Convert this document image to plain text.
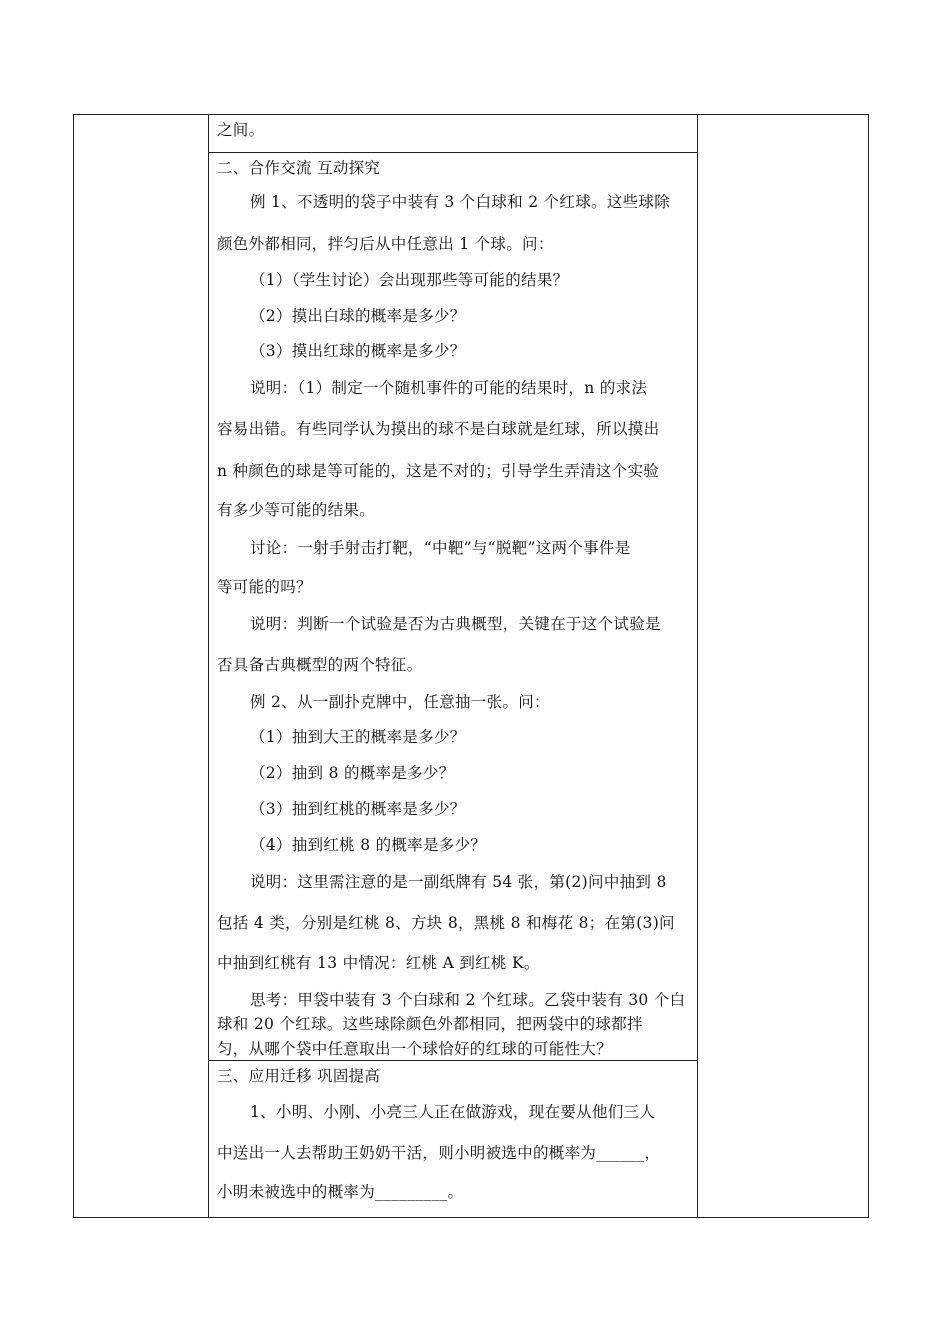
之间。
二、合作交流 互动探究
例 1、不透明的袋子中装有 3 个白球和 2 个红球。这些球除
颜色外都相同，拌匀后从中任意出 1 个球。问：
（1）（学生讨论）会出现那些等可能的结果？
（2）摸出白球的概率是多少？
（3）摸出红球的概率是多少？
说明：（1）制定一个随机事件的可能的结果时，n 的求法
容易出错。有些同学认为摸出的球不是白球就是红球，所以摸出
n 种颜色的球是等可能的，这是不对的；引导学生弄清这个实验
有多少等可能的结果。
讨论：一射手射击打靶，“中靶”与“脱靶”这两个事件是
等可能的吗？
说明：判断一个试验是否为古典概型，关键在于这个试验是
否具备古典概型的两个特征。
例 2、从一副扑克牌中，任意抽一张。问：
（1）抽到大王的概率是多少？
（2）抽到 8 的概率是多少？
（3）抽到红桃的概率是多少？
（4）抽到红桃 8 的概率是多少？
说明：这里需注意的是一副纸牌有 54 张，第(2)问中抽到 8
包括 4 类，分别是红桃 8、方块 8，黑桃 8 和梅花 8；在第(3)问
中抽到红桃有 13 中情况：红桃 A 到红桃 K。
思考：甲袋中装有 3 个白球和 2 个红球。乙袋中装有 30 个白
球和 20 个红球。这些球除颜色外都相同，把两袋中的球都拌
匀，从哪个袋中任意取出一个球恰好的红球的可能性大？
三、应用迁移 巩固提高
1、小明、小刚、小亮三人正在做游戏，现在要从他们三人
中送出一人去帮助王奶奶干活，则小明被选中的概率为______，
小明未被选中的概率为_________。
